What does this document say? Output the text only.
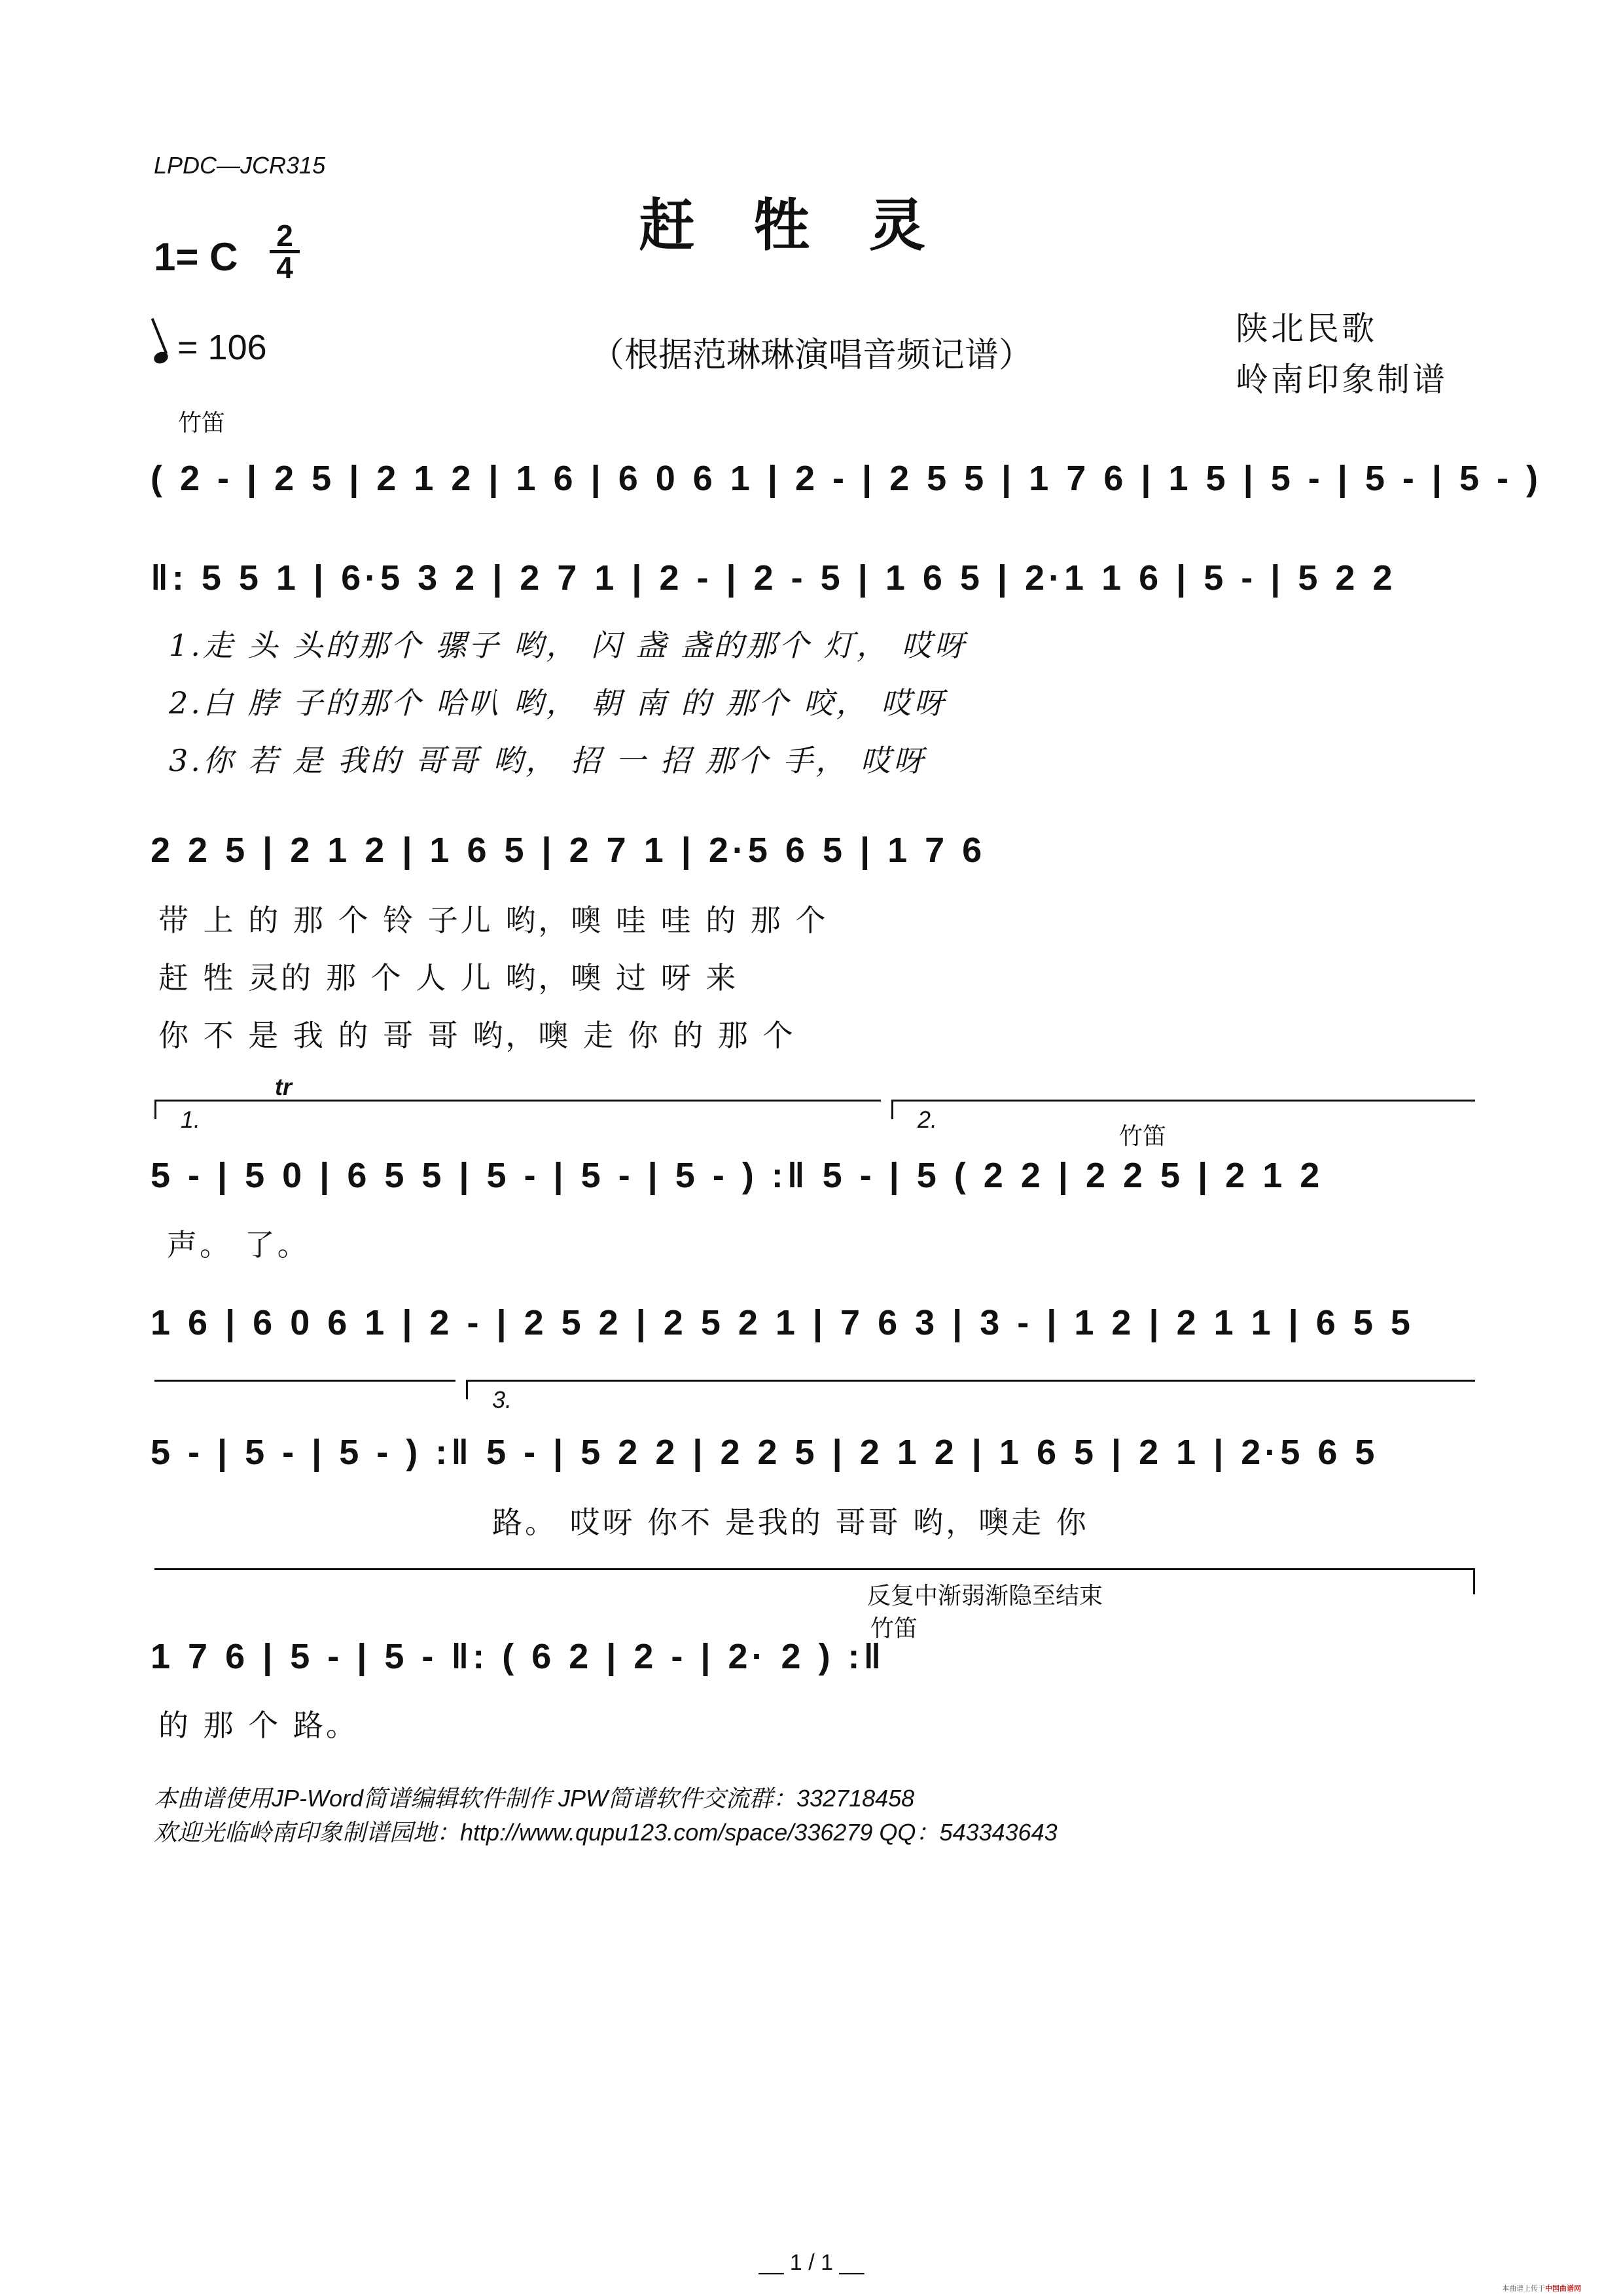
LPDC—JCR315
赶牲灵
1= C 2
4
= 106	（根据范琳琳演唱音频记谱）
陕北民歌
岭南印象制谱
竹笛
( 2 - | 2 5 | 2 1 2 | 1 6 | 6 0 6 1 | 2 - | 2 5 5 | 1 7 6 | 1 5 | 5 - | 5 - | 5 - )
‖: 5 5 1 | 6·5 3 2 | 2 7 1 | 2 - | 2 - 5 | 1 6 5 | 2·1 1 6 | 5 - | 5 2 2
1.走 头 头的那个 骡子 哟， 闪 盏 盏的那个 灯， 哎呀
2.白 脖 子的那个 哈叭 哟， 朝 南 的 那个 咬， 哎呀
3.你 若 是 我的 哥哥 哟， 招 一 招 那个 手， 哎呀
2 2 5 | 2 1 2 | 1 6 5 | 2 7 1 | 2·5 6 5 | 1 7 6
带 上 的 那 个 铃 子儿 哟，噢 哇 哇 的 那 个
赶 牲 灵的 那 个 人 儿 哟，噢 过 呀 来
你 不 是 我 的 哥 哥 哟，噢 走 你 的 那 个
1.	2.
tr
竹笛
5 - | 5 0 | 6 5 5 | 5 - | 5 - | 5 - ) :‖ 5 - | 5 ( 2 2 | 2 2 5 | 2 1 2
声。 了。
1 6 | 6 0 6 1 | 2 - | 2 5 2 | 2 5 2 1 | 7 6 3 | 3 - | 1 2 | 2 1 1 | 6 5 5
3.
5 - | 5 - | 5 - ) :‖ 5 - | 5 2 2 | 2 2 5 | 2 1 2 | 1 6 5 | 2 1 | 2·5 6 5
路。 哎呀 你不 是我的 哥哥 哟，噢走 你
反复中渐弱渐隐至结束
竹笛
1 7 6 | 5 - | 5 - ‖: ( 6 2 | 2 - | 2· 2 ) :‖
的 那 个 路。
本曲谱使用JP-Word简谱编辑软件制作 JPW简谱软件交流群：332718458
欢迎光临岭南印象制谱园地：http://www.qupu123.com/space/336279 QQ：543343643
__ 1 / 1 __
本曲谱上传于中国曲谱网
